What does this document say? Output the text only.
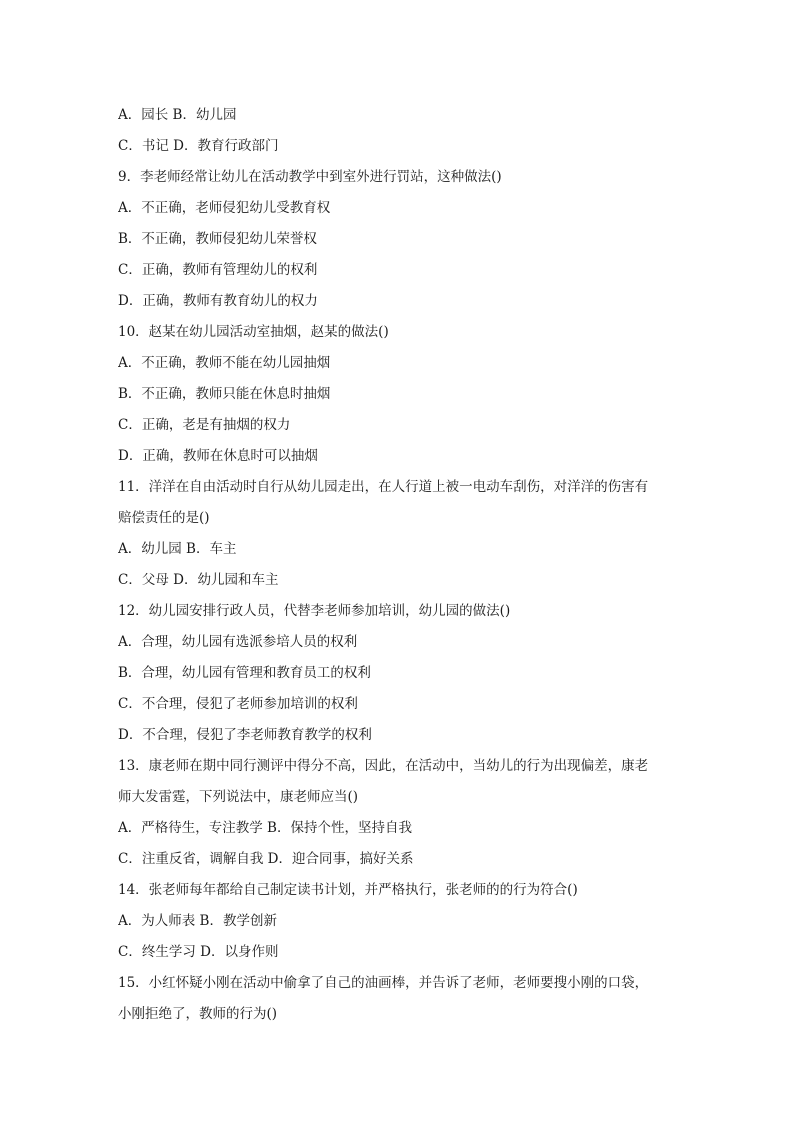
A．园长 B．幼儿园
C．书记 D．教育行政部门
9．李老师经常让幼儿在活动教学中到室外进行罚站，这种做法()
A．不正确，老师侵犯幼儿受教育权
B．不正确，教师侵犯幼儿荣誉权
C．正确，教师有管理幼儿的权利
D．正确，教师有教育幼儿的权力
10．赵某在幼儿园活动室抽烟，赵某的做法()
A．不正确，教师不能在幼儿园抽烟
B．不正确，教师只能在休息时抽烟
C．正确，老是有抽烟的权力
D．正确，教师在休息时可以抽烟
11．洋洋在自由活动时自行从幼儿园走出，在人行道上被一电动车刮伤，对洋洋的伤害有
赔偿责任的是()
A．幼儿园 B．车主
C．父母 D．幼儿园和车主
12．幼儿园安排行政人员，代替李老师参加培训，幼儿园的做法()
A．合理，幼儿园有选派参培人员的权利
B．合理，幼儿园有管理和教育员工的权利
C．不合理，侵犯了老师参加培训的权利
D．不合理，侵犯了李老师教育教学的权利
13．康老师在期中同行测评中得分不高，因此，在活动中，当幼儿的行为出现偏差，康老
师大发雷霆，下列说法中，康老师应当()
A．严格待生，专注教学 B．保持个性，坚持自我
C．注重反省，调解自我 D．迎合同事，搞好关系
14．张老师每年都给自己制定读书计划，并严格执行，张老师的的行为符合()
A．为人师表 B．教学创新
C．终生学习 D．以身作则
15．小红怀疑小刚在活动中偷拿了自己的油画棒，并告诉了老师，老师要搜小刚的口袋，
小刚拒绝了，教师的行为()
